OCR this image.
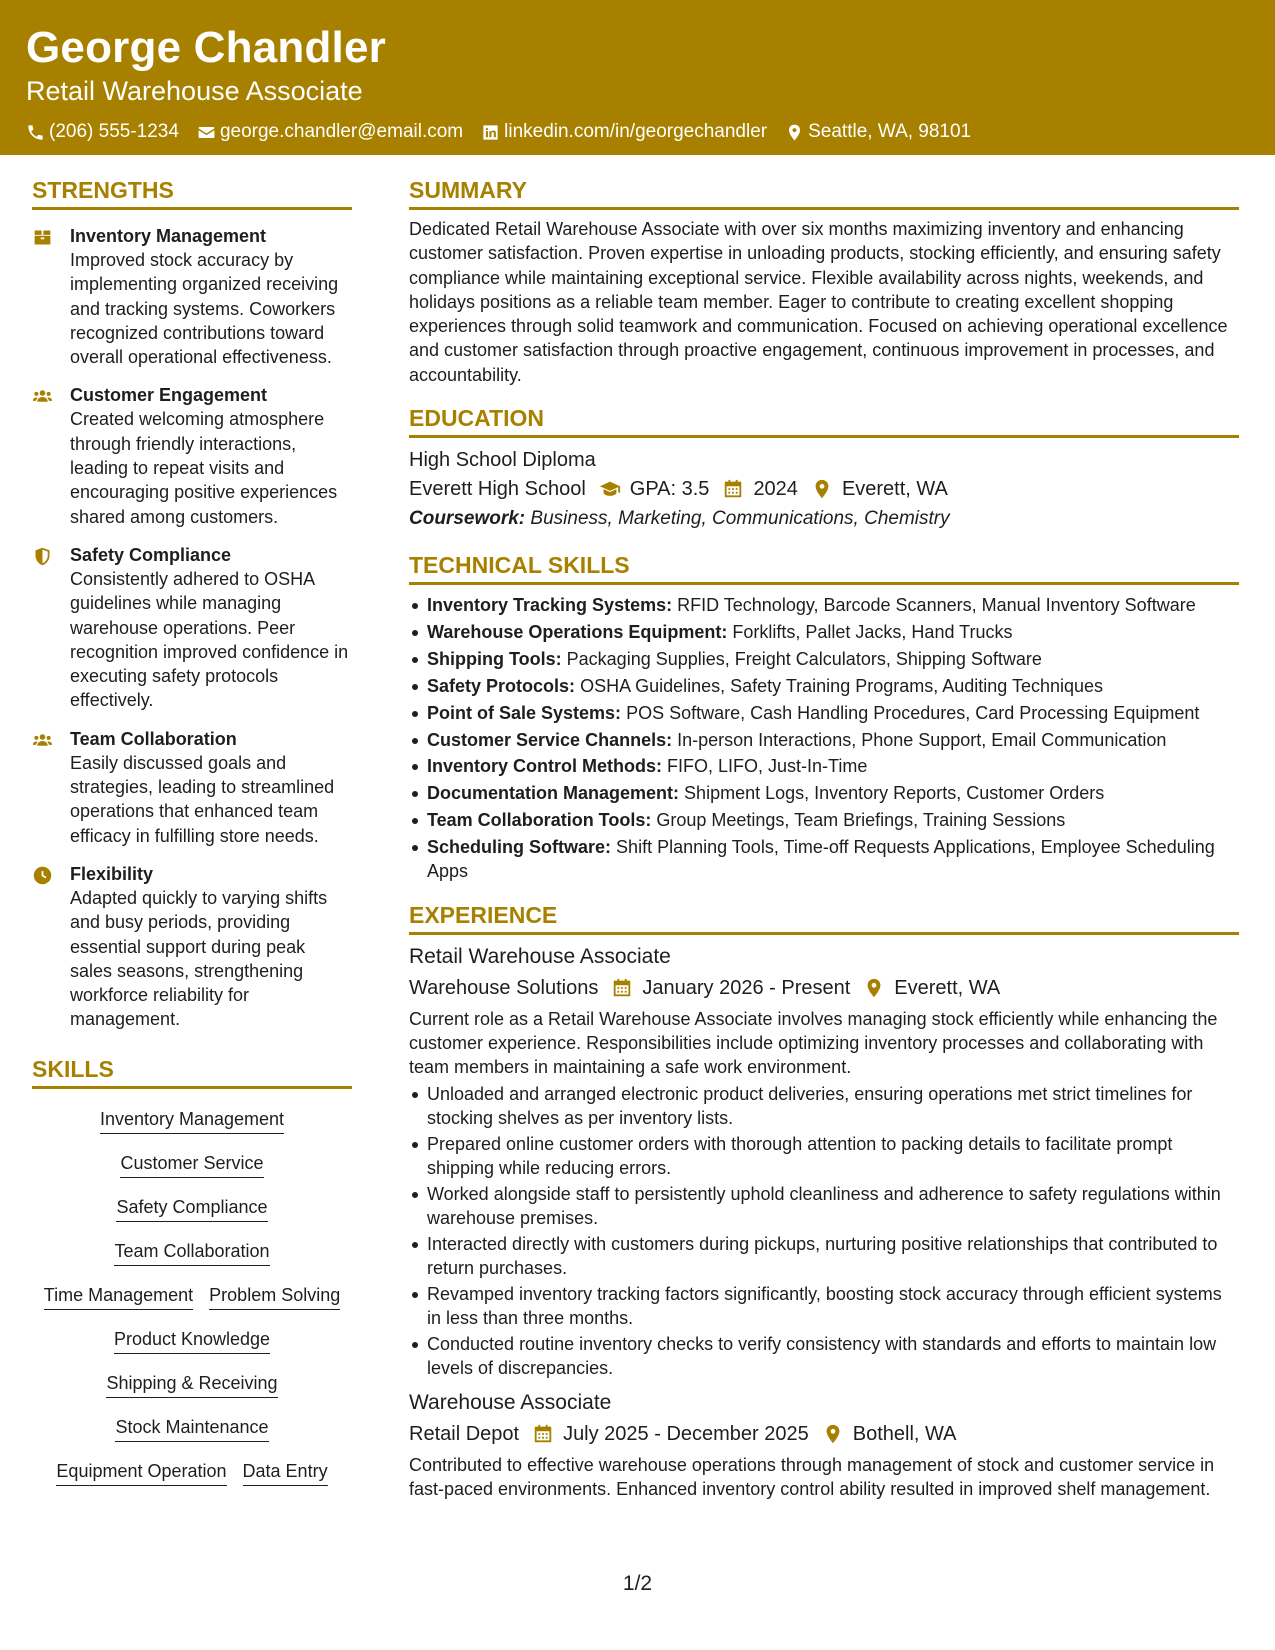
George Chandler
Retail Warehouse Associate
(206) 555-1234 george.chandler@email.com linkedin.com/in/georgechandler Seattle, WA, 98101
STRENGTHS
Inventory Management
Improved stock accuracy by implementing organized receiving and tracking systems. Coworkers recognized contributions toward overall operational effectiveness.
Customer Engagement
Created welcoming atmosphere through friendly interactions, leading to repeat visits and encouraging positive experiences shared among customers.
Safety Compliance
Consistently adhered to OSHA guidelines while managing warehouse operations. Peer recognition improved confidence in executing safety protocols effectively.
Team Collaboration
Easily discussed goals and strategies, leading to streamlined operations that enhanced team efficacy in fulfilling store needs.
Flexibility
Adapted quickly to varying shifts and busy periods, providing essential support during peak sales seasons, strengthening workforce reliability for management.
SKILLS
Inventory Management
Customer Service
Safety Compliance
Team Collaboration
Time Management Problem Solving
Product Knowledge
Shipping & Receiving
Stock Maintenance
Equipment Operation Data Entry
SUMMARY

Dedicated Retail Warehouse Associate with over six months maximizing inventory and enhancing customer satisfaction. Proven expertise in unloading products, stocking efficiently, and ensuring safety compliance while maintaining exceptional service. Flexible availability across nights, weekends, and holidays positions as a reliable team member. Eager to contribute to creating excellent shopping experiences through solid teamwork and communication. Focused on achieving operational excellence and customer satisfaction through proactive engagement, continuous improvement in processes, and accountability.

EDUCATION
High School Diploma
Everett High School GPA: 3.5 2024 Everett, WA
Coursework: Business, Marketing, Communications, Chemistry
TECHNICAL SKILLS
Inventory Tracking Systems: RFID Technology, Barcode Scanners, Manual Inventory Software
Warehouse Operations Equipment: Forklifts, Pallet Jacks, Hand Trucks
Shipping Tools: Packaging Supplies, Freight Calculators, Shipping Software
Safety Protocols: OSHA Guidelines, Safety Training Programs, Auditing Techniques
Point of Sale Systems: POS Software, Cash Handling Procedures, Card Processing Equipment
Customer Service Channels: In-person Interactions, Phone Support, Email Communication
Inventory Control Methods: FIFO, LIFO, Just-In-Time
Documentation Management: Shipment Logs, Inventory Reports, Customer Orders
Team Collaboration Tools: Group Meetings, Team Briefings, Training Sessions
Scheduling Software: Shift Planning Tools, Time-off Requests Applications, Employee Scheduling Apps
EXPERIENCE
Retail Warehouse Associate
Warehouse Solutions January 2026 - Present Everett, WA

Current role as a Retail Warehouse Associate involves managing stock efficiently while enhancing the customer experience. Responsibilities include optimizing inventory processes and collaborating with team members in maintaining a safe work environment.

Unloaded and arranged electronic product deliveries, ensuring operations met strict timelines for stocking shelves as per inventory lists.
Prepared online customer orders with thorough attention to packing details to facilitate prompt shipping while reducing errors.
Worked alongside staff to persistently uphold cleanliness and adherence to safety regulations within warehouse premises.
Interacted directly with customers during pickups, nurturing positive relationships that contributed to return purchases.
Revamped inventory tracking factors significantly, boosting stock accuracy through efficient systems in less than three months.
Conducted routine inventory checks to verify consistency with standards and efforts to maintain low levels of discrepancies.
Warehouse Associate
Retail Depot July 2025 - December 2025 Bothell, WA

Contributed to effective warehouse operations through management of stock and customer service in fast-paced environments. Enhanced inventory control ability resulted in improved shelf management.

1/2
